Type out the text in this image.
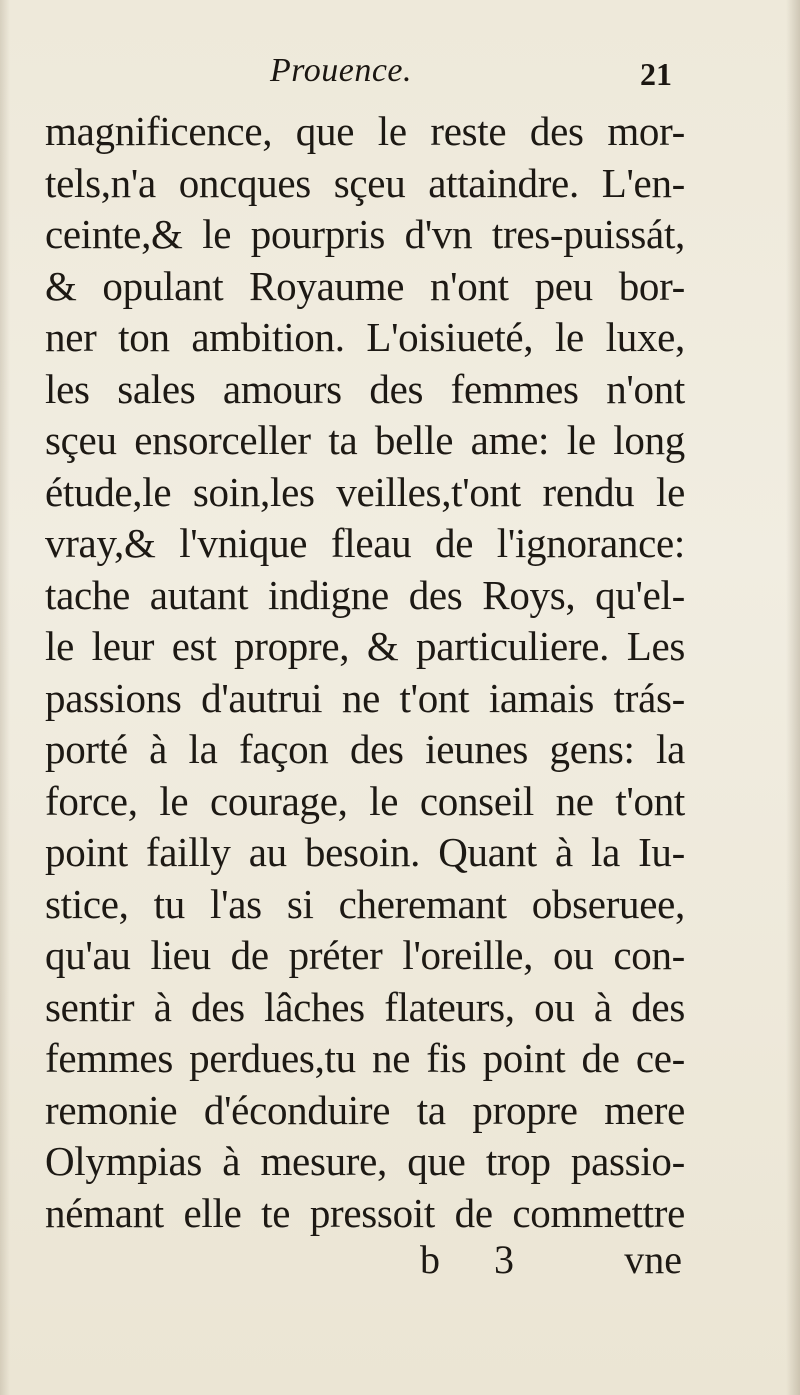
Prouence.	21
magnificence, que le reste des mor-
tels,n'a oncques sçeu attaindre. L'en-
ceinte,& le pourpris d'vn tres-puissát,
& opulant Royaume n'ont peu bor-
ner ton ambition. L'oisiueté, le luxe,
les sales amours des femmes n'ont
sçeu ensorceller ta belle ame: le long
étude,le soin,les veilles,t'ont rendu le
vray,& l'vnique fleau de l'ignorance:
tache autant indigne des Roys, qu'el-
le leur est propre, & particuliere. Les
passions d'autrui ne t'ont iamais trás-
porté à la façon des ieunes gens: la
force, le courage, le conseil ne t'ont
point failly au besoin. Quant à la Iu-
stice, tu l'as si cheremant obseruee,
qu'au lieu de préter l'oreille, ou con-
sentir à des lâches flateurs, ou à des
femmes perdues,tu ne fis point de ce-
remonie d'éconduire ta propre mere
Olympias à mesure, que trop passio-
némant elle te pressoit de commettre
b 3	vne
